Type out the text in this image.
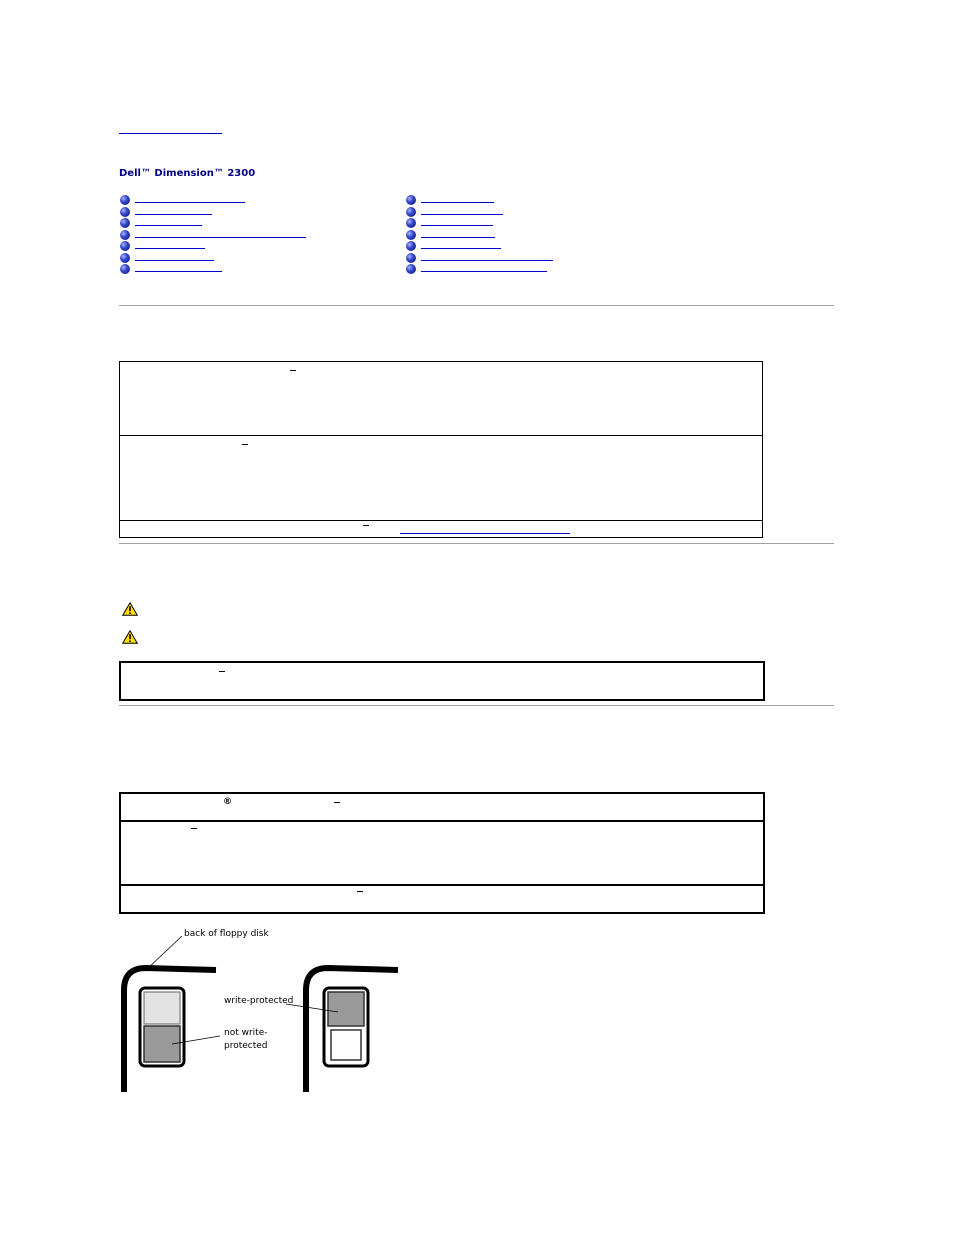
Dell™ Dimension™ 2300
®
back of floppy disk
write-protected
not write-
protected
